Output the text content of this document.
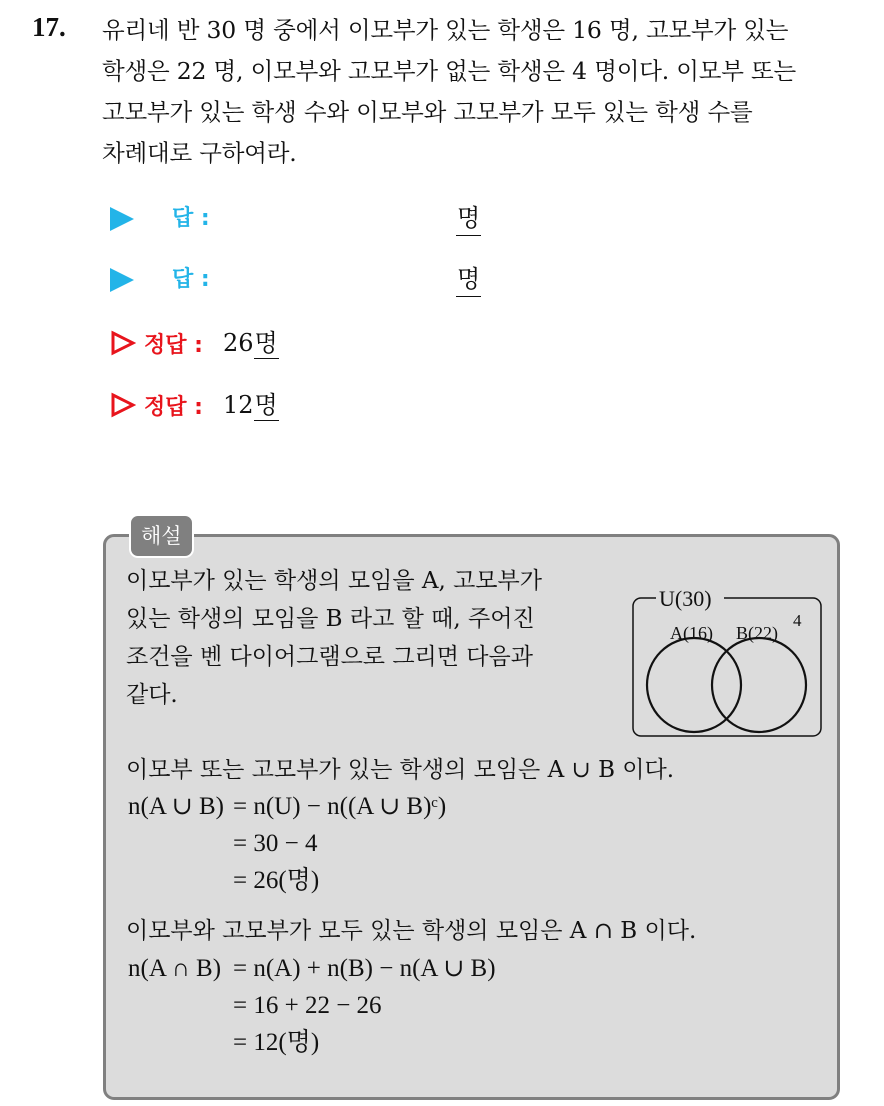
17. 유리네 반 30 명 중에서 이모부가 있는 학생은 16 명, 고모부가 있는
학생은 22 명, 이모부와 고모부가 없는 학생은 4 명이다. 이모부 또는
고모부가 있는 학생 수와 이모부와 고모부가 모두 있는 학생 수를
차례대로 구하여라.
답 :	명
답 :	명
정답 : 26 명
정답 : 12 명
해설
이모부가 있는 학생의 모임을 A, 고모부가
있는 학생의 모임을 B 라고 할 때, 주어진
조건을 벤 다이어그램으로 그리면 다음과
같다.
U(30)
A(16) B(22)
4
이모부 또는 고모부가 있는 학생의 모임은 A ∪ B 이다.
n(A ∪ B) = n(U) − n((A ∪ B)ᶜ)
= 30 − 4
= 26(명)
이모부와 고모부가 모두 있는 학생의 모임은 A ∩ B 이다.
n(A ∩ B) = n(A) + n(B) − n(A ∪ B)
= 16 + 22 − 26
= 12(명)
